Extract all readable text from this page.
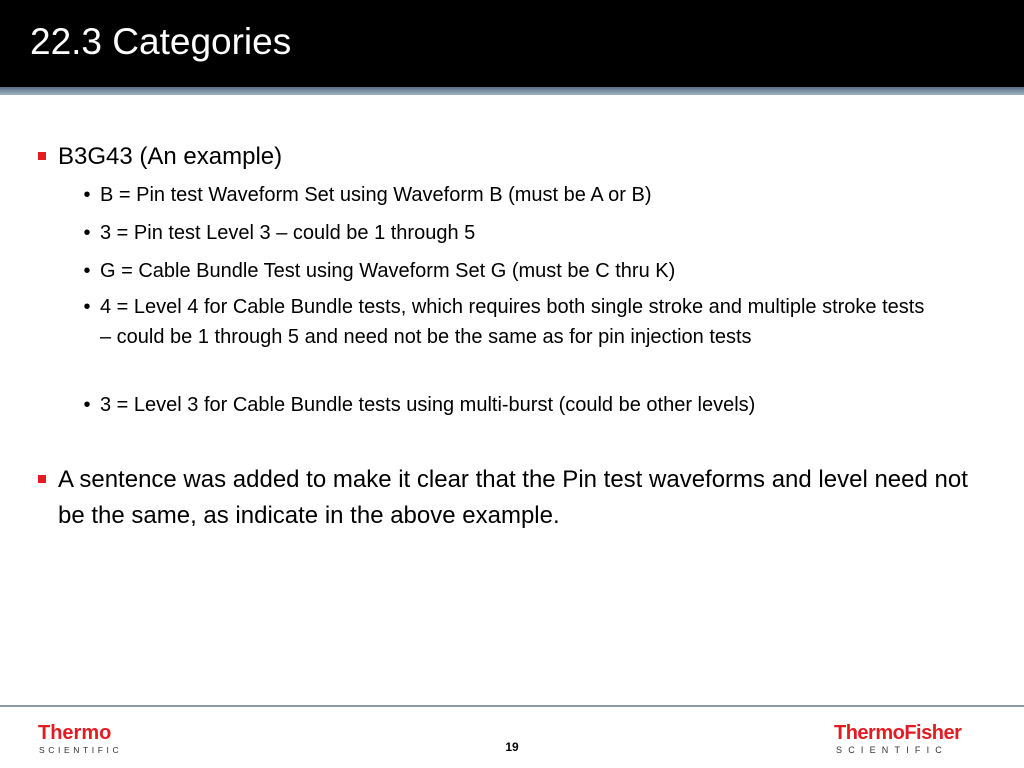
22.3 Categories
B3G43 (An example)
• B = Pin test Waveform Set using Waveform B (must be A or B)
• 3 = Pin test Level 3 – could be 1 through 5
• G = Cable Bundle Test using Waveform Set G (must be C thru K)
• 4 = Level 4 for Cable Bundle tests, which requires both single stroke and multiple stroke tests – could be 1 through 5 and need not be the same as for pin injection tests
• 3 = Level 3 for Cable Bundle tests using multi-burst (could be other levels)
A sentence was added to make it clear that the Pin test waveforms and level need not be the same, as indicate in the above example.
Thermo
SCIENTIFIC	19
ThermoFisher
SCIENTIFIC
